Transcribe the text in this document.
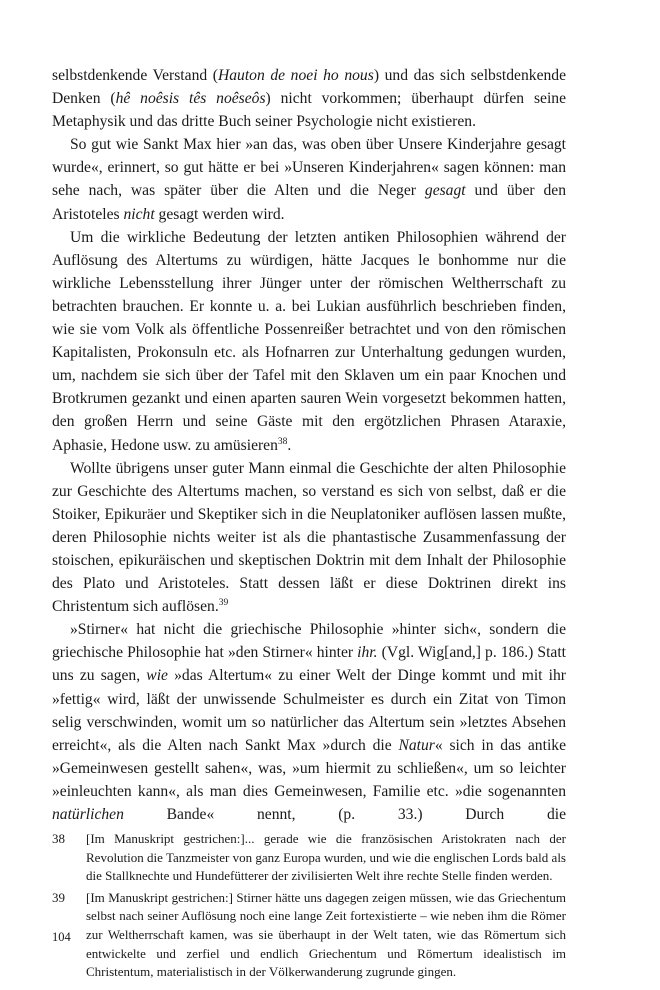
selbstdenkende Verstand (Hauton de noei ho nous) und das sich selbstdenkende Denken (hê noêsis tês noêseôs) nicht vorkommen; überhaupt dürfen seine Metaphysik und das dritte Buch seiner Psychologie nicht existieren.

So gut wie Sankt Max hier »an das, was oben über Unsere Kinderjahre gesagt wurde«, erinnert, so gut hätte er bei »Unseren Kinderjahren« sagen können: man sehe nach, was später über die Alten und die Neger gesagt und über den Aristoteles nicht gesagt werden wird.

Um die wirkliche Bedeutung der letzten antiken Philosophien während der Auflösung des Altertums zu würdigen, hätte Jacques le bonhomme nur die wirkliche Lebensstellung ihrer Jünger unter der römischen Weltherrschaft zu betrachten brauchen. Er konnte u. a. bei Lukian ausführlich beschrieben finden, wie sie vom Volk als öffentliche Possenreißer betrachtet und von den römischen Kapitalisten, Prokonsuln etc. als Hofnarren zur Unterhaltung gedungen wurden, um, nachdem sie sich über der Tafel mit den Sklaven um ein paar Knochen und Brotkrumen gezankt und einen aparten sauren Wein vorgesetzt bekommen hatten, den großen Herrn und seine Gäste mit den ergötzlichen Phrasen Ataraxie, Aphasie, Hedone usw. zu amüsieren$^{38}$.

Wollte übrigens unser guter Mann einmal die Geschichte der alten Philosophie zur Geschichte des Altertums machen, so verstand es sich von selbst, daß er die Stoiker, Epikuräer und Skeptiker sich in die Neuplatoniker auflösen lassen mußte, deren Philosophie nichts weiter ist als die phantastische Zusammenfassung der stoischen, epikuräischen und skeptischen Doktrin mit dem Inhalt der Philosophie des Plato und Aristoteles. Statt dessen läßt er diese Doktrinen direkt ins Christentum sich auflösen.$^{39}$

»Stirner« hat nicht die griechische Philosophie »hinter sich«, sondern die griechische Philosophie hat »den Stirner« hinter ihr. (Vgl. Wig[and,] p. 186.) Statt uns zu sagen, wie »das Altertum« zu einer Welt der Dinge kommt und mit ihr »fettig« wird, läßt der unwissende Schulmeister es durch ein Zitat von Timon selig verschwinden, womit um so natürlicher das Altertum sein »letztes Absehen erreicht«, als die Alten nach Sankt Max »durch die Natur« sich in das antike »Gemeinwesen gestellt sahen«, was, »um hiermit zu schließen«, um so leichter »einleuchten kann«, als man dies Gemeinwesen, Familie etc. »die sogenannten natürlichen Bande« nennt, (p. 33.) Durch die

38	[Im Manuskript gestrichen:]... gerade wie die französischen Aristokraten nach der Revolution die Tanzmeister von ganz Europa wurden, und wie die englischen Lords bald als die Stallknechte und Hundefütterer der zivilisierten Welt ihre rechte Stelle finden werden.
39	[Im Manuskript gestrichen:] Stirner hätte uns dagegen zeigen müssen, wie das Griechentum selbst nach seiner Auflösung noch eine lange Zeit fortexistierte – wie neben ihm die Römer zur Weltherrschaft kamen, was sie überhaupt in der Welt taten, wie das Römertum sich entwickelte und zerfiel und endlich Griechentum und Römertum idealistisch im Christentum, materialistisch in der Völkerwanderung zugrunde gingen.
104
